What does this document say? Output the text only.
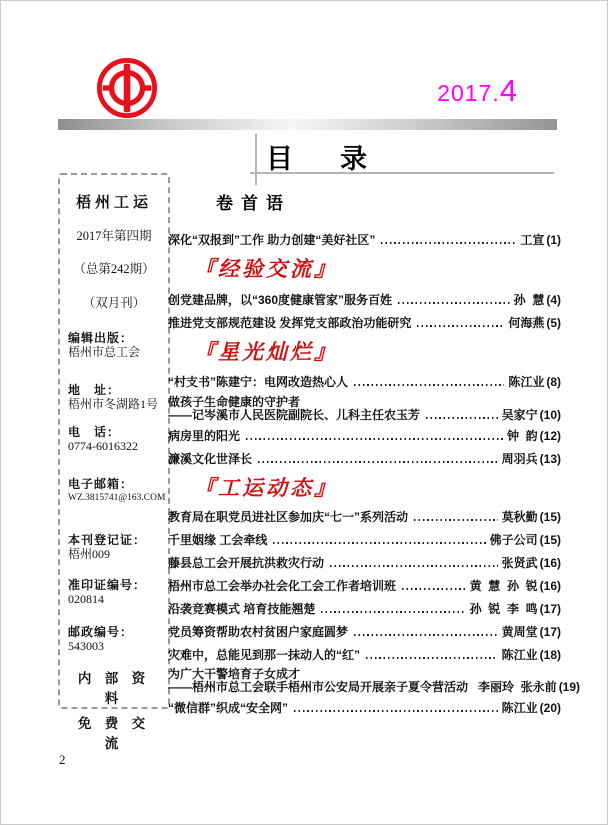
2017.4
目　录
梧州工运
2017年第四期
（总第242期）
（双月刊）
编辑出版：
梧州市总工会
地　址：
梧州市冬湖路1号
电　话：
0774-6016322
电子邮箱：
WZ.3815741@163.COM
本刊登记证：
梧州009
准印证编号：
020814
邮政编号：
543003
内 部 资 料
免 费 交 流
卷首语
深化“双报到”工作 助力创建“美好社区”	工宣 (1)
『经验交流』
创党建品牌，以“360度健康管家”服务百姓	孙  慧 (4)
推进党支部规范建设 发挥党支部政治功能研究	何海燕 (5)
『星光灿烂』
“村支书”陈建宁：电网改造热心人	陈江业 (8)
做孩子生命健康的守护者
——记岑溪市人民医院副院长、儿科主任农玉芳	吴家宁 (10)
病房里的阳光	钟  韵 (12)
濂溪文化世泽长	周羽兵 (13)
『工运动态』
教育局在职党员进社区参加庆“七一”系列活动	莫秋勤 (15)
千里姻缘 工会牵线	佛子公司 (15)
藤县总工会开展抗洪救灾行动	张贤武 (16)
梧州市总工会举办社会化工会工作者培训班	黄  慧  孙  锐 (16)
沿袭竞赛模式 培育技能翘楚	孙  锐  李  鸣 (17)
党员筹资帮助农村贫困户家庭圆梦	黄周堂 (17)
灾难中，总能见到那一抹动人的“红”	陈江业 (18)
为广大干警培育子女成才
——梧州市总工会联手梧州市公安局开展亲子夏令营活动 李丽玲  张永前 (19)
“微信群”织成“安全网”	陈江业 (20)
2
